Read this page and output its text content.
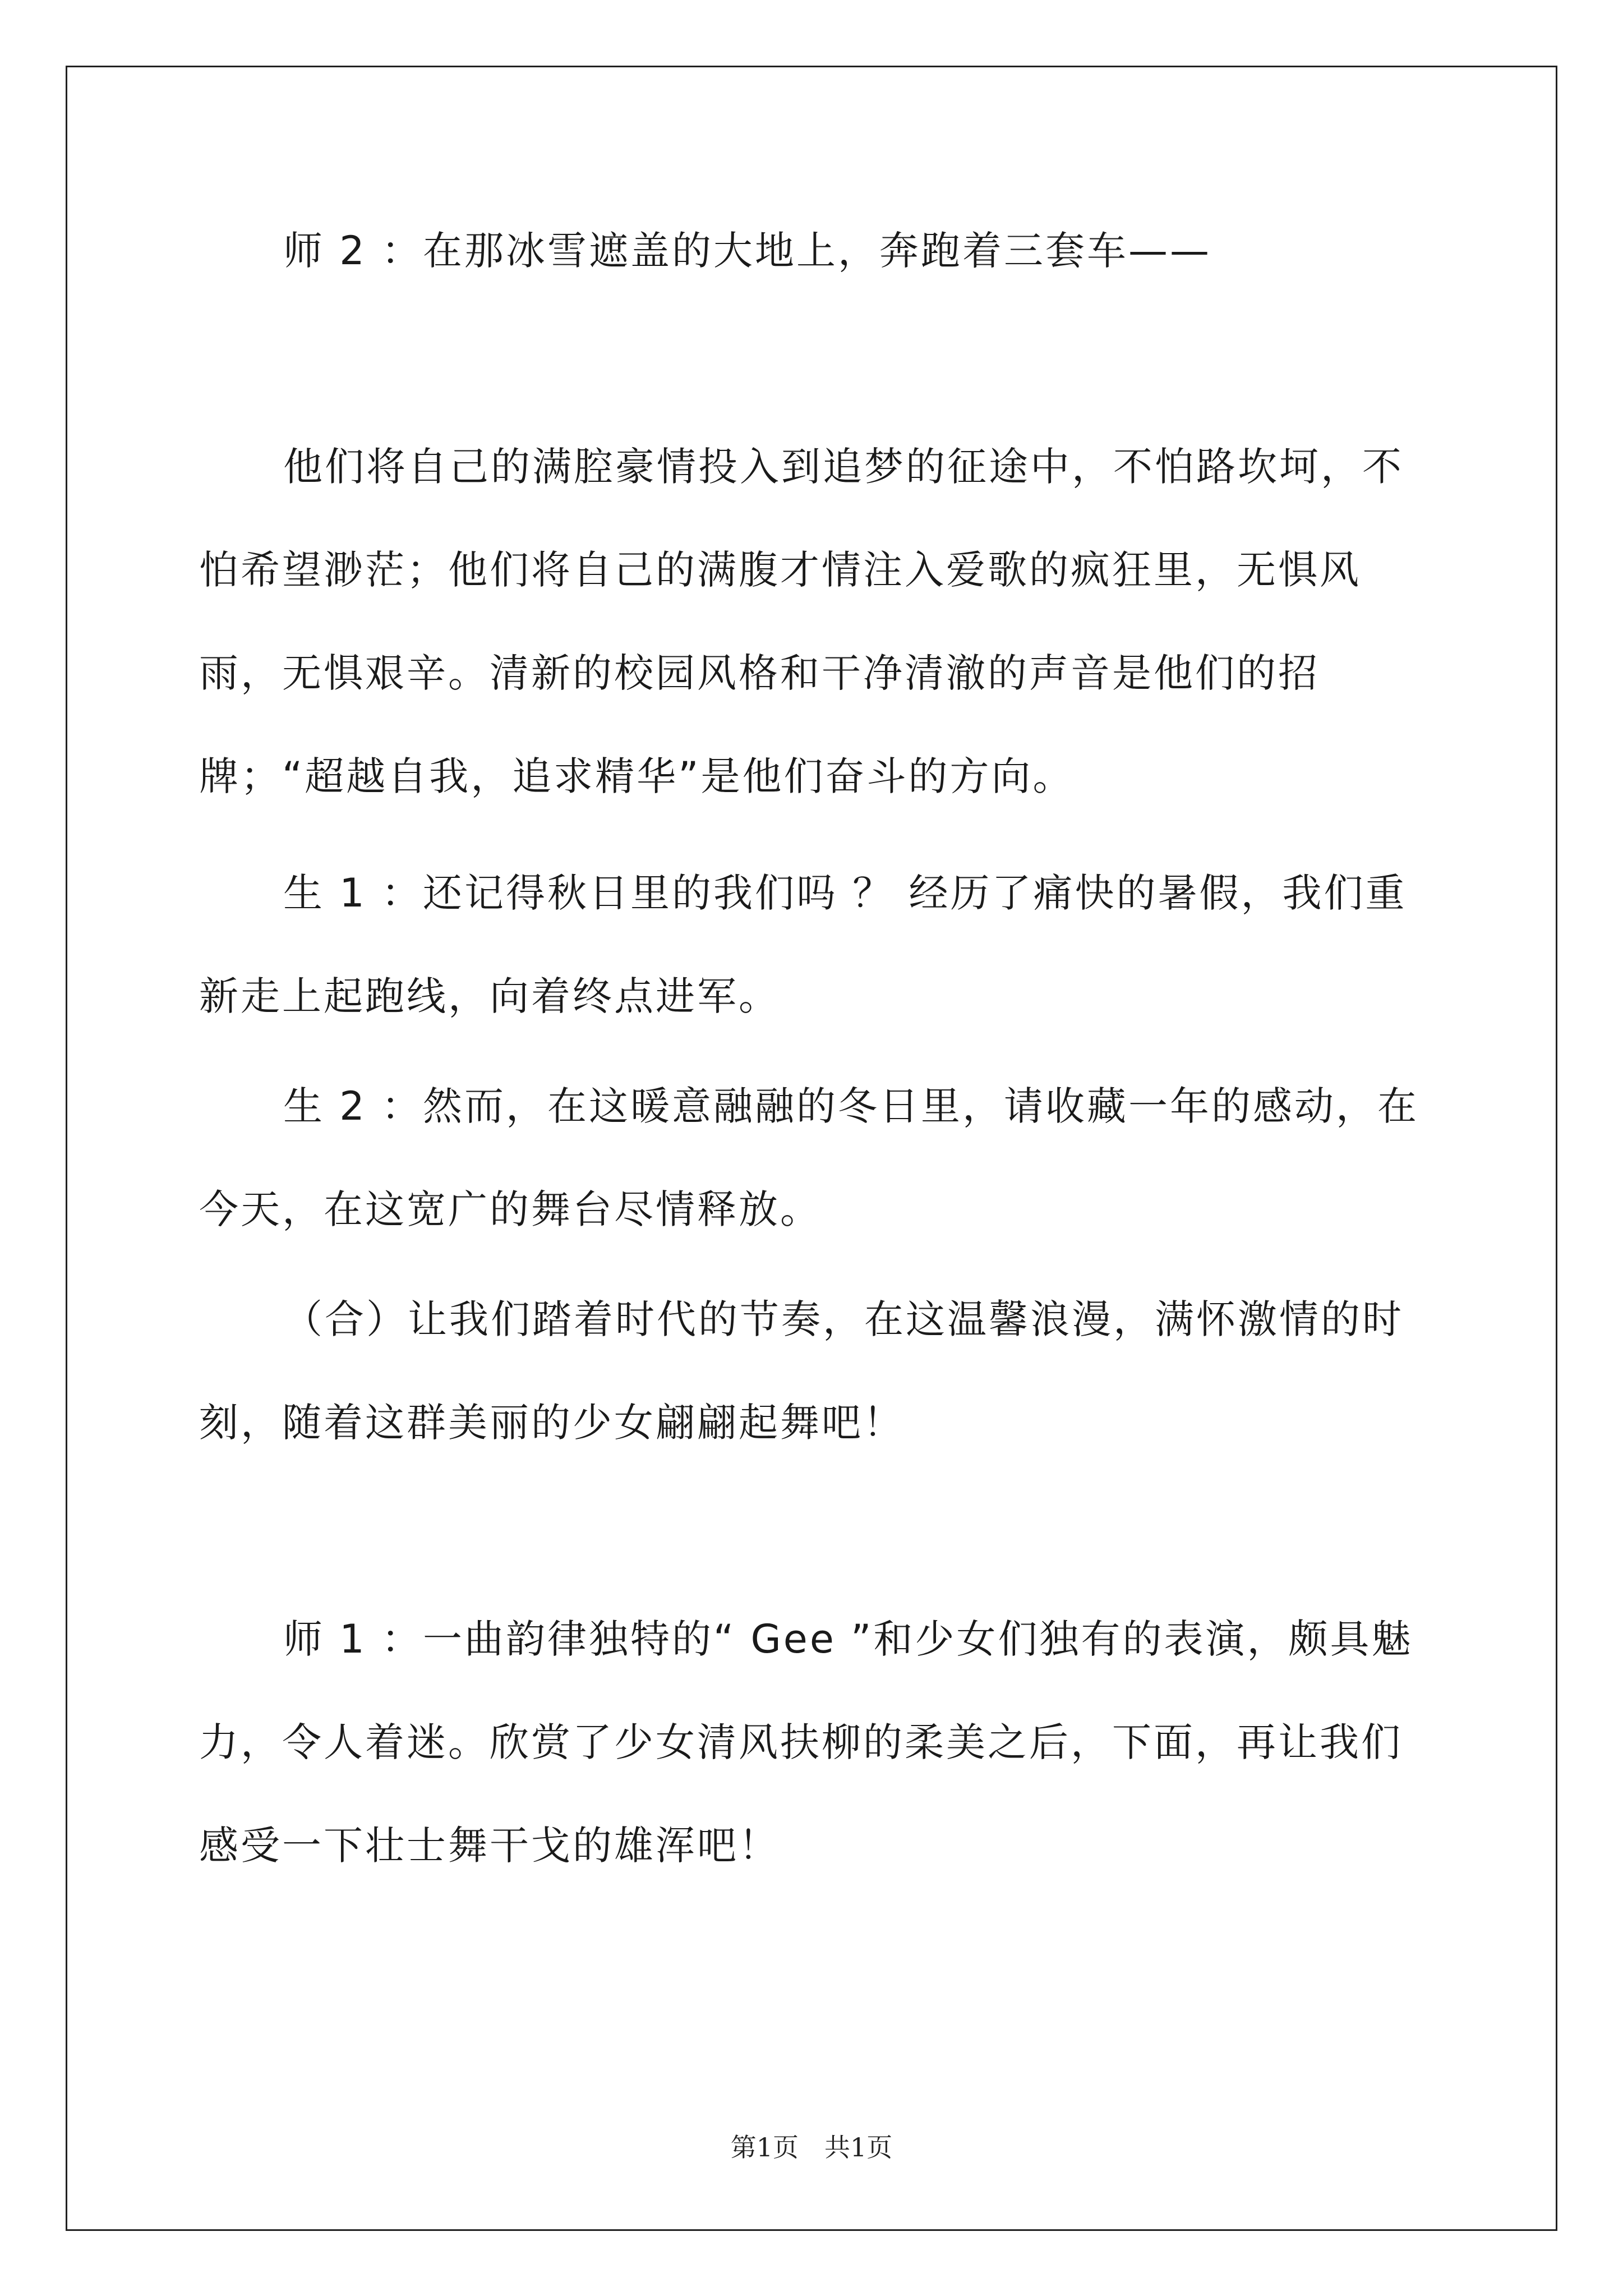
师 2 ：在那冰雪遮盖的大地上，奔跑着三套车——

他们将自己的满腔豪情投入到追梦的征途中，不怕路坎坷，不怕希望渺茫；他们将自己的满腹才情注入爱歌的疯狂里，无惧风雨，无惧艰辛。清新的校园风格和干净清澈的声音是他们的招牌；“超越自我，追求精华”是他们奋斗的方向。

生 1 ：还记得秋日里的我们吗 ？ 经历了痛快的暑假，我们重新走上起跑线，向着终点进军。

生 2 ：然而，在这暖意融融的冬日里，请收藏一年的感动，在今天，在这宽广的舞台尽情释放。

（合）让我们踏着时代的节奏，在这温馨浪漫，满怀激情的时刻，随着这群美丽的少女翩翩起舞吧！

师 1 ：一曲韵律独特的“ Gee ”和少女们独有的表演，颇具魅力，令人着迷。欣赏了少女清风扶柳的柔美之后，下面，再让我们感受一下壮士舞干戈的雄浑吧！

第1页　共1页
